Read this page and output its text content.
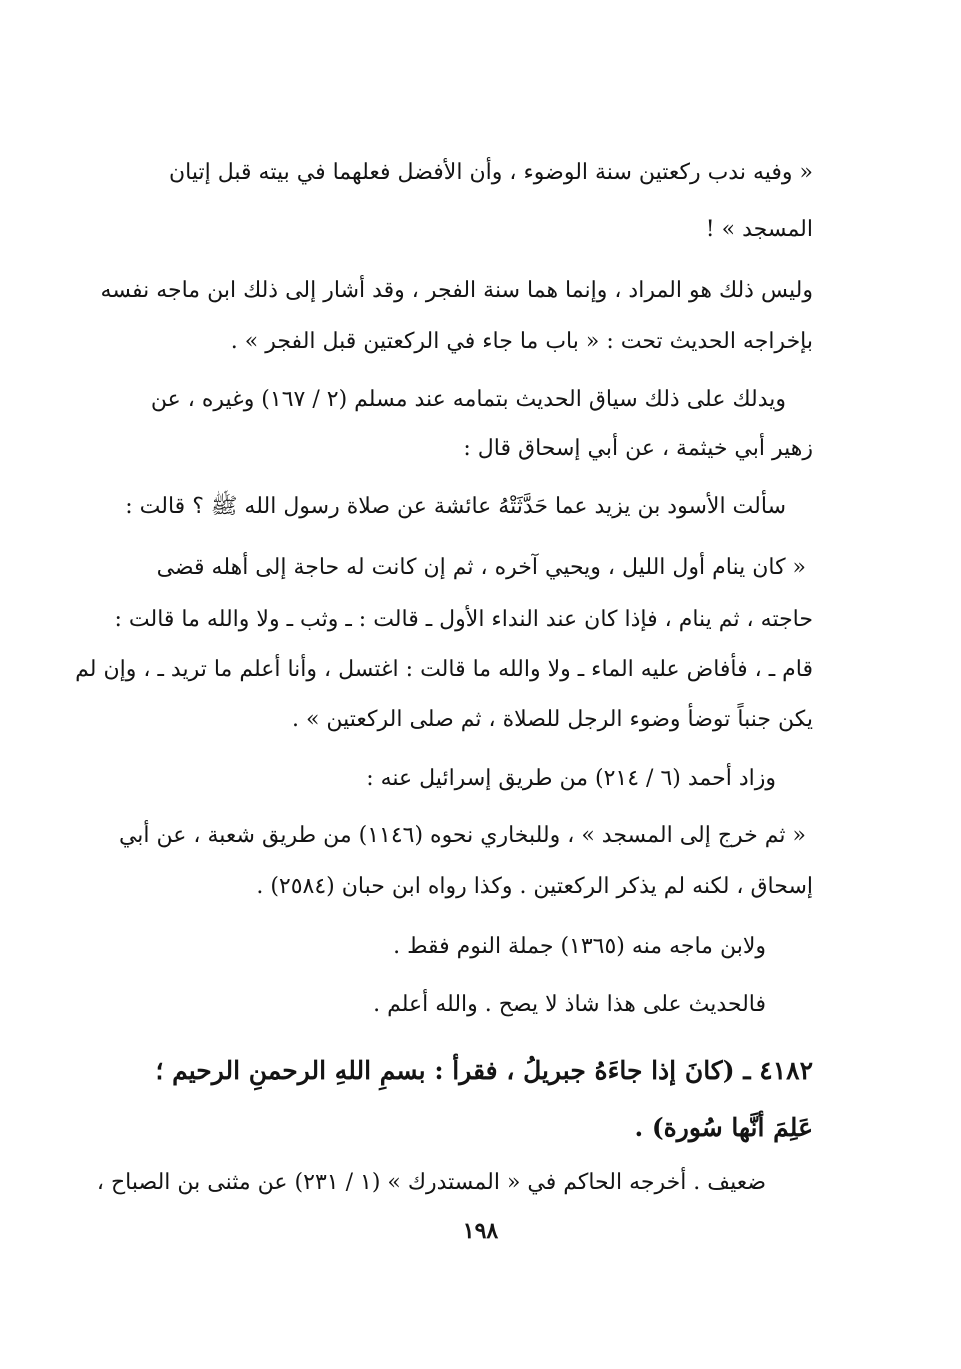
« وفيه ندب ركعتين سنة الوضوء ، وأن الأفضل فعلهما في بيته قبل إتيان
المسجد » !
وليس ذلك هو المراد ، وإنما هما سنة الفجر ، وقد أشار إلى ذلك ابن ماجه نفسه
بإخراجه الحديث تحت : « باب ما جاء في الركعتين قبل الفجر » .
ويدلك على ذلك سياق الحديث بتمامه عند مسلم (٢ / ١٦٧) وغيره ، عن
زهير أبي خيثمة ، عن أبي إسحاق قال :
سألت الأسود بن يزيد عما حَدَّثَتْهُ عائشة عن صلاة رسول الله ﷺ ؟ قالت :
« كان ينام أول الليل ، ويحيي آخره ، ثم إن كانت له حاجة إلى أهله قضى
حاجته ، ثم ينام ، فإذا كان عند النداء الأول ـ قالت : ـ وثب ـ ولا والله ما قالت :
قام ـ ، فأفاض عليه الماء ـ ولا والله ما قالت : اغتسل ، وأنا أعلم ما تريد ـ ، وإن لم
يكن جنباً توضأ وضوء الرجل للصلاة ، ثم صلى الركعتين » .
وزاد أحمد (٦ / ٢١٤) من طريق إسرائيل عنه :
« ثم خرج إلى المسجد » ، وللبخاري نحوه (١١٤٦) من طريق شعبة ، عن أبي
إسحاق ، لكنه لم يذكر الركعتين . وكذا رواه ابن حبان (٢٥٨٤) .
ولابن ماجه منه (١٣٦٥) جملة النوم فقط .
فالحديث على هذا شاذ لا يصح . والله أعلم .
٤١٨٢ ـ (كانَ إذا جاءَهُ جبريلُ ، فقرأ : بسمِ اللهِ الرحمنِ الرحيم ؛
عَلِمَ أنَّها سُورة) .
ضعيف . أخرجه الحاكم في « المستدرك » (١ / ٢٣١) عن مثنى بن الصباح ،
١٩٨
